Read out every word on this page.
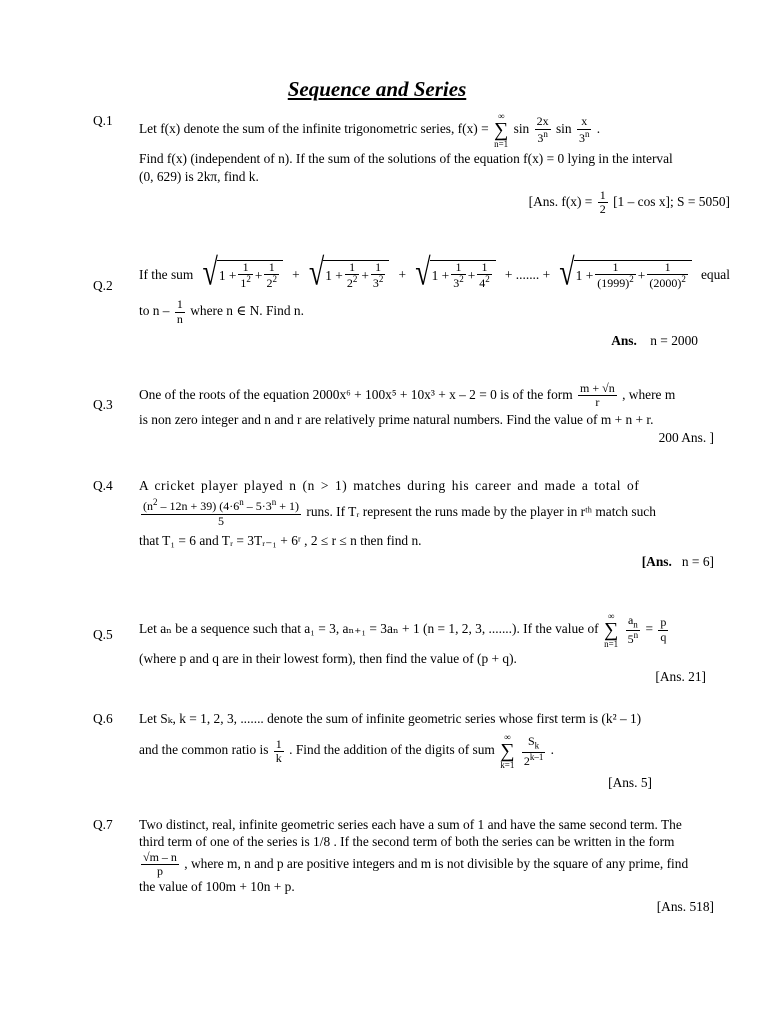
Sequence and Series
Q.1
Let f(x) denote the sum of the infinite trigonometric series, f(x) =
∞
∑
n=1
$\sin \frac{2x}{3^n}$ $\sin \frac{x}{3^n}$ .
Find f(x) (independent of n). If the sum of the solutions of the equation f(x) = 0 lying in the interval
(0, 629) is 2kπ, find k.
[Ans. $f(x) = \frac{1}{2} [1 - \cos x]$; S = 5050]
Q.2
If the sum √ $1 + \frac{1}{1^2} + \frac{1}{2^2}$ + √ $1 + \frac{1}{2^2} + \frac{1}{3^2}$ + √ $1 + \frac{1}{3^2} + \frac{1}{4^2}$ + ....... + √ $1 + \frac{1}{(1999)^2} + \frac{1}{(2000)^2}$ equal
to n – $\frac{1}{n}$ where n ∈ N. Find n.
Ans. n = 2000
Q.3
One of the roots of the equation 2000x⁶ + 100x⁵ + 10x³ + x – 2 = 0 is of the form $\frac{m + √n}{r}$ , where m
is non zero integer and n and r are relatively prime natural numbers. Find the value of m + n + r.
200 Ans. ]
Q.4 A cricket player played n (n > 1) matches during his career and made a total of
$\frac{(n^2 - 12n + 39) (4\cdot 6^n - 5\cdot 3^n + 1)}{5}$ runs. If Tᵣ represent the runs made by the player in rᵗʰ match such
that T₁ = 6 and Tᵣ = 3Tᵣ₋₁ + 6ʳ , 2 ≤ r ≤ n then find n.
[Ans. n = 6]
Q.5 Let aₙ be a sequence such that a₁ = 3, aₙ₊₁ = 3aₙ + 1 (n = 1, 2, 3, .......). If the value of
∞
∑
n=1
$\frac{a_n}{5^n} = \frac{p}{q}$
(where p and q are in their lowest form), then find the value of (p + q).
[Ans. 21]
Q.6 Let Sₖ, k = 1, 2, 3, ....... denote the sum of infinite geometric series whose first term is (k² – 1)
and the common ratio is $\frac{1}{k}$ . Find the addition of the digits of sum
∞
∑
k=1
$\frac{S_k}{2^{k-1}}$ .
[Ans. 5]
Q.7 Two distinct, real, infinite geometric series each have a sum of 1 and have the same second term. The
third term of one of the series is 1/8 . If the second term of both the series can be written in the form
$\frac{√m - n}{p}$ , where m, n and p are positive integers and m is not divisible by the square of any prime, find
the value of 100m + 10n + p.
[Ans. 518]
